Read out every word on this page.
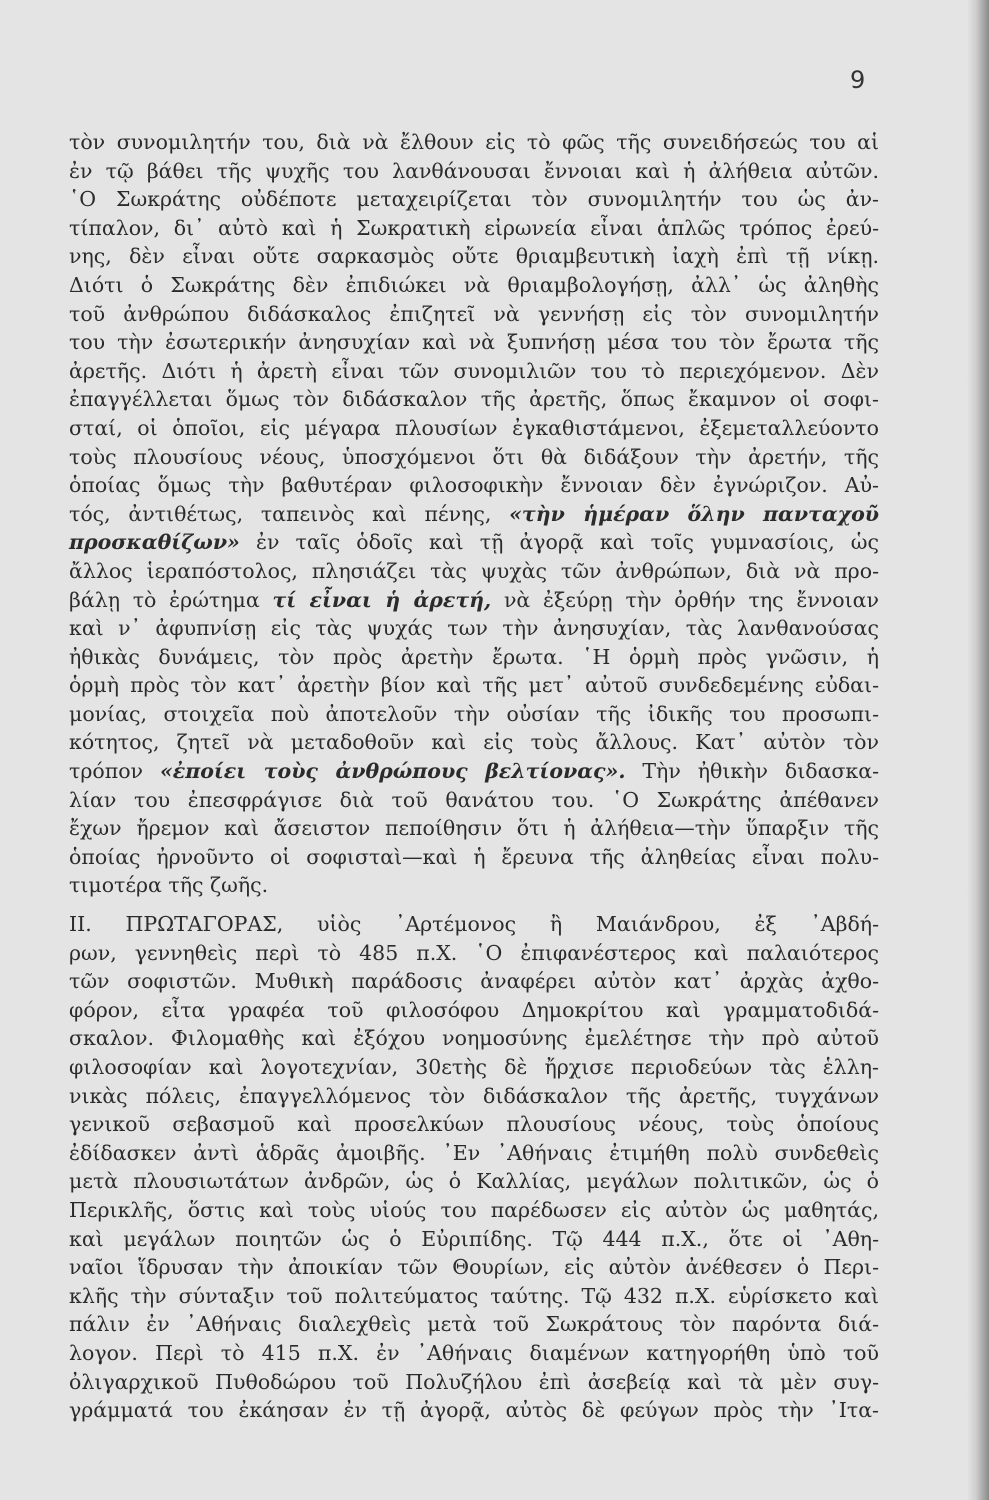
9
τὸν συνομιλητήν του, διὰ νὰ ἔλθουν εἰς τὸ φῶς τῆς συνειδήσεώς του αἱ
ἐν τῷ βάθει τῆς ψυχῆς του λανθάνουσαι ἔννοιαι καὶ ἡ ἀλήθεια αὐτῶν.
῾Ο Σωκράτης οὐδέποτε μεταχειρίζεται τὸν συνομιλητήν του ὡς ἀν-
τίπαλον, δι᾿ αὐτὸ καὶ ἡ Σωκρατικὴ εἰρωνεία εἶναι ἁπλῶς τρόπος ἐρεύ-
νης, δὲν εἶναι οὔτε σαρκασμὸς οὔτε θριαμβευτικὴ ἰαχὴ ἐπὶ τῇ νίκῃ.
Διότι ὁ Σωκράτης δὲν ἐπιδιώκει νὰ θριαμβολογήσῃ, ἀλλ᾿ ὡς ἀληθὴς
τοῦ ἀνθρώπου διδάσκαλος ἐπιζητεῖ νὰ γεννήσῃ εἰς τὸν συνομιλητήν
του τὴν ἐσωτερικήν ἀνησυχίαν καὶ νὰ ξυπνήσῃ μέσα του τὸν ἔρωτα τῆς
ἀρετῆς. Διότι ἡ ἀρετὴ εἶναι τῶν συνομιλιῶν του τὸ περιεχόμενον. Δὲν
ἐπαγγέλλεται ὅμως τὸν διδάσκαλον τῆς ἀρετῆς, ὅπως ἔκαμνον οἱ σοφι-
σταί, οἱ ὁποῖοι, εἰς μέγαρα πλουσίων ἐγκαθιστάμενοι, ἐξεμεταλλεύοντο
τοὺς πλουσίους νέους, ὑποσχόμενοι ὅτι θὰ διδάξουν τὴν ἀρετήν, τῆς
ὁποίας ὅμως τὴν βαθυτέραν φιλοσοφικὴν ἔννοιαν δὲν ἐγνώριζον. Αὐ-
τός, ἀντιθέτως, ταπεινὸς καὶ πένης, «τὴν ἡμέραν ὅλην πανταχοῦ
προσκαθίζων» ἐν ταῖς ὁδοῖς καὶ τῇ ἀγορᾷ καὶ τοῖς γυμνασίοις, ὡς
ἄλλος ἱεραπόστολος, πλησιάζει τὰς ψυχὰς τῶν ἀνθρώπων, διὰ νὰ προ-
βάλῃ τὸ ἐρώτημα τί εἶναι ἡ ἀρετή, νὰ ἐξεύρῃ τὴν ὀρθήν της ἔννοιαν
καὶ ν᾿ ἀφυπνίσῃ εἰς τὰς ψυχάς των τὴν ἀνησυχίαν, τὰς λανθανούσας
ἠθικὰς δυνάμεις, τὸν πρὸς ἀρετὴν ἔρωτα. ῾Η ὁρμὴ πρὸς γνῶσιν, ἡ
ὁρμὴ πρὸς τὸν κατ᾿ ἀρετὴν βίον καὶ τῆς μετ᾿ αὐτοῦ συνδεδεμένης εὐδαι-
μονίας, στοιχεῖα ποὺ ἀποτελοῦν τὴν οὐσίαν τῆς ἰδικῆς του προσωπι-
κότητος, ζητεῖ νὰ μεταδοθοῦν καὶ εἰς τοὺς ἄλλους. Κατ᾿ αὐτὸν τὸν
τρόπον «ἐποίει τοὺς ἀνθρώπους βελτίονας». Τὴν ἠθικὴν διδασκα-
λίαν του ἐπεσφράγισε διὰ τοῦ θανάτου του. ῾Ο Σωκράτης ἀπέθανεν
ἔχων ἤρεμον καὶ ἄσειστον πεποίθησιν ὅτι ἡ ἀλήθεια—τὴν ὕπαρξιν τῆς
ὁποίας ἠρνοῦντο οἱ σοφισταὶ—καὶ ἡ ἔρευνα τῆς ἀληθείας εἶναι πολυ-
τιμοτέρα τῆς ζωῆς.
II. ΠΡΩΤΑΓΟΡΑΣ, υἱὸς ᾿Αρτέμονος ἢ Μαιάνδρου, ἐξ ᾿Αβδή-
ρων, γεννηθεὶς περὶ τὸ 485 π.Χ. ῾Ο ἐπιφανέστερος καὶ παλαιότερος
τῶν σοφιστῶν. Μυθικὴ παράδοσις ἀναφέρει αὐτὸν κατ᾿ ἀρχὰς ἀχθο-
φόρον, εἶτα γραφέα τοῦ φιλοσόφου Δημοκρίτου καὶ γραμματοδιδά-
σκαλον. Φιλομαθὴς καὶ ἐξόχου νοημοσύνης ἐμελέτησε τὴν πρὸ αὐτοῦ
φιλοσοφίαν καὶ λογοτεχνίαν, 30ετὴς δὲ ἤρχισε περιοδεύων τὰς ἑλλη-
νικὰς πόλεις, ἐπαγγελλόμενος τὸν διδάσκαλον τῆς ἀρετῆς, τυγχάνων
γενικοῦ σεβασμοῦ καὶ προσελκύων πλουσίους νέους, τοὺς ὁποίους
ἐδίδασκεν ἀντὶ ἁδρᾶς ἀμοιβῆς. ᾿Εν ᾿Αθήναις ἐτιμήθη πολὺ συνδεθεὶς
μετὰ πλουσιωτάτων ἀνδρῶν, ὡς ὁ Καλλίας, μεγάλων πολιτικῶν, ὡς ὁ
Περικλῆς, ὅστις καὶ τοὺς υἱούς του παρέδωσεν εἰς αὐτὸν ὡς μαθητάς,
καὶ μεγάλων ποιητῶν ὡς ὁ Εὐριπίδης. Τῷ 444 π.Χ., ὅτε οἱ ᾿Αθη-
ναῖοι ἵδρυσαν τὴν ἀποικίαν τῶν Θουρίων, εἰς αὐτὸν ἀνέθεσεν ὁ Περι-
κλῆς τὴν σύνταξιν τοῦ πολιτεύματος ταύτης. Τῷ 432 π.Χ. εὑρίσκετο καὶ
πάλιν ἐν ᾿Αθήναις διαλεχθεὶς μετὰ τοῦ Σωκράτους τὸν παρόντα διά-
λογον. Περὶ τὸ 415 π.Χ. ἐν ᾿Αθήναις διαμένων κατηγορήθη ὑπὸ τοῦ
ὀλιγαρχικοῦ Πυθοδώρου τοῦ Πολυζήλου ἐπὶ ἀσεβείᾳ καὶ τὰ μὲν συγ-
γράμματά του ἐκάησαν ἐν τῇ ἀγορᾷ, αὐτὸς δὲ φεύγων πρὸς τὴν ᾿Ιτα-
